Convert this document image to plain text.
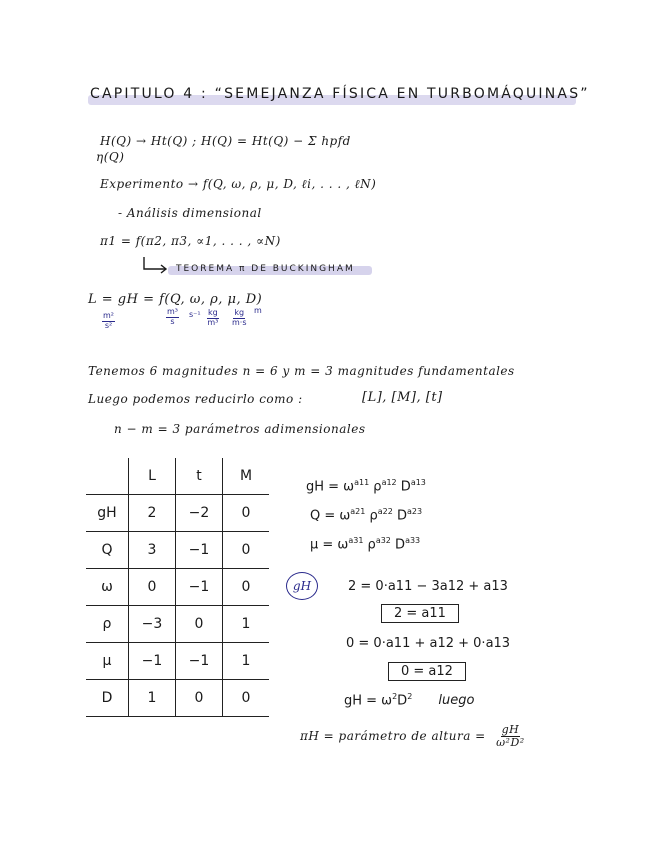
CAPITULO 4 : “SEMEJANZA FÍSICA EN TURBOMÁQUINAS”
H(Q) → Ht(Q) ; H(Q) = Ht(Q) − Σ hpfd
η(Q)
Experimento → f(Q, ω, ρ, μ, D, ℓi, . . . , ℓN)
- Análisis dimensional
π1 = f(π2, π3, ∝1, . . . , ∝N)
TEOREMA π DE BUCKINGHAM
L = gH = f(Q, ω, ρ, μ, D)
$\frac{\text{m²}}{\text{s²}}$	$\frac{\text{m³}}{s} s^{-1} \frac{kg}{\text{m³}} \frac{kg}{m\cdot s}$ m
Tenemos 6 magnitudes n = 6 y m = 3 magnitudes fundamentales
Luego podemos reducirlo como :	[L], [M], [t]
n − m = 3 parámetros adimensionales
	L	t	M
gH	2	−2	0
Q	3	−1	0
ω	0	−1	0
ρ	−3	0	1
μ	−1	−1	1
D	1	0	0
gH = $\omega^{a11}$ $\rho^{a12}$ $D^{a13}$
$Q = \omega^{a21}$ $\rho^{a22}$ $D^{a23}$
$\mu = \omega^{a31}$ $\rho^{a32}$ $D^{a33}$
gH	2 = 0·a11 − 3a12 + a13
2 = a11
0 = 0·a11 + a12 + 0·a13
0 = a12
gH = $\omega^2D^2$ luego
πH = parámetro de altura = $\frac{gH}{\text{ω²D²}}$
